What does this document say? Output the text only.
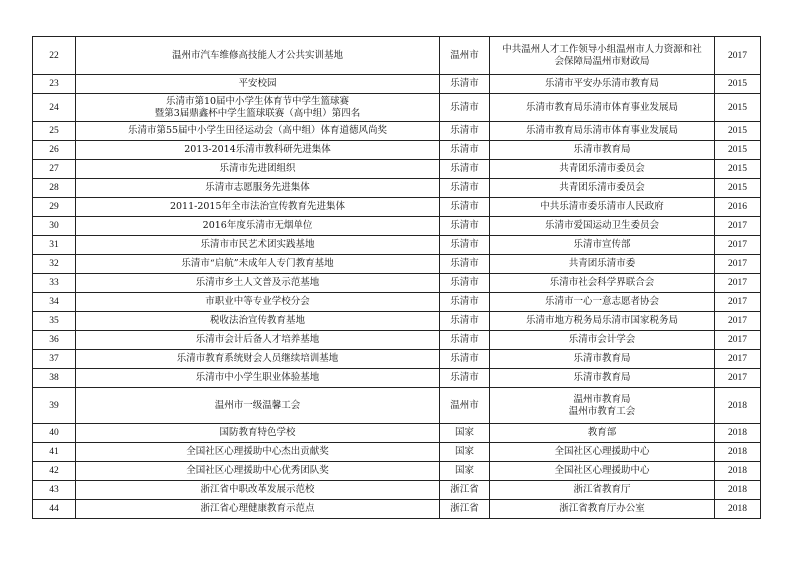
22	温州市汽车维修高技能人才公共实训基地	温州市	中共温州人才工作领导小组温州市人力资源和社
会保障局温州市财政局	2017
23	平安校园	乐清市	乐清市平安办乐清市教育局	2015
24	乐清市第10届中小学生体育节中学生篮球赛
暨第3届鼎鑫杯中学生篮球联赛（高中组）第四名	乐清市	乐清市教育局乐清市体育事业发展局	2015
25	乐清市第55届中小学生田径运动会（高中组）体育道德风尚奖	乐清市	乐清市教育局乐清市体育事业发展局	2015
26	2013-2014乐清市教科研先进集体	乐清市	乐清市教育局	2015
27	乐清市先进团组织	乐清市	共青团乐清市委员会	2015
28	乐清市志愿服务先进集体	乐清市	共青团乐清市委员会	2015
29	2011-2015年全市法治宣传教育先进集体	乐清市	中共乐清市委乐清市人民政府	2016
30	2016年度乐清市无烟单位	乐清市	乐清市爱国运动卫生委员会	2017
31	乐清市市民艺术团实践基地	乐清市	乐清市宣传部	2017
32	乐清市“启航”未成年人专门教育基地	乐清市	共青团乐清市委	2017
33	乐清市乡土人文普及示范基地	乐清市	乐清市社会科学界联合会	2017
34	市职业中等专业学校分会	乐清市	乐清市一心一意志愿者协会	2017
35	税收法治宣传教育基地	乐清市	乐清市地方税务局乐清市国家税务局	2017
36	乐清市会计后备人才培养基地	乐清市	乐清市会计学会	2017
37	乐清市教育系统财会人员继续培训基地	乐清市	乐清市教育局	2017
38	乐清市中小学生职业体验基地	乐清市	乐清市教育局	2017
39	温州市一级温馨工会	温州市	温州市教育局
温州市教育工会	2018
40	国防教育特色学校	国家	教育部	2018
41	全国社区心理援助中心杰出贡献奖	国家	全国社区心理援助中心	2018
42	全国社区心理援助中心优秀团队奖	国家	全国社区心理援助中心	2018
43	浙江省中职改革发展示范校	浙江省	浙江省教育厅	2018
44	浙江省心理健康教育示范点	浙江省	浙江省教育厅办公室	2018
